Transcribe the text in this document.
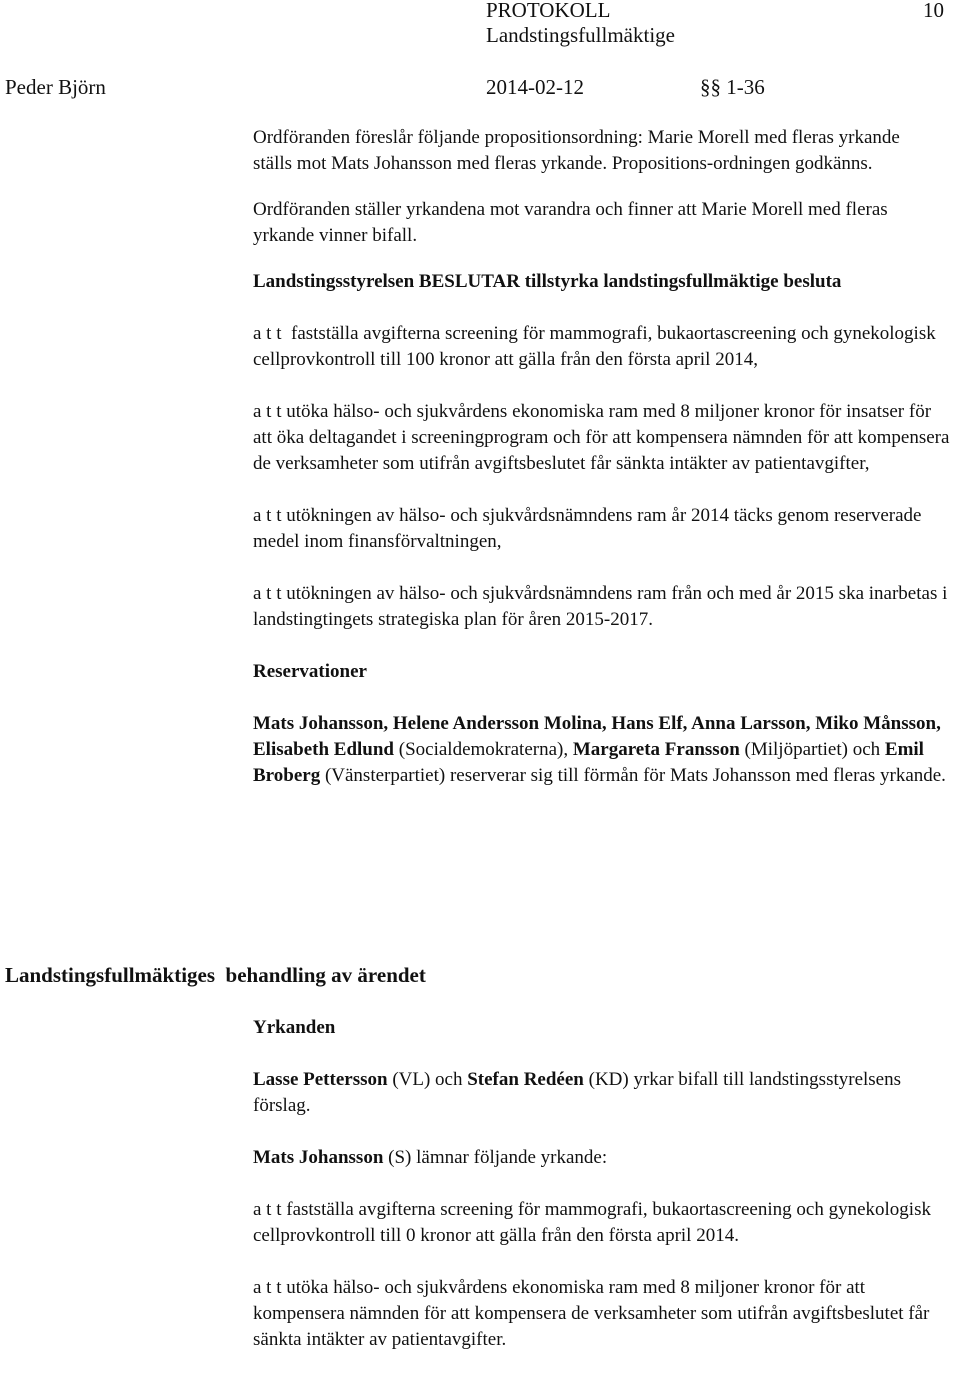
PROTOKOLL	10
Landstingsfullmäktige
Peder Björn	2014-02-12	§§ 1-36

Ordföranden föreslår följande propositionsordning: Marie Morell med fleras yrkande ställs mot Mats Johansson med fleras yrkande. Propositions-ordningen godkänns.

Ordföranden ställer yrkandena mot varandra och finner att Marie Morell med fleras yrkande vinner bifall.

Landstingsstyrelsen BESLUTAR tillstyrka landstingsfullmäktige besluta

a t t  fastställa avgifterna screening för mammografi, bukaortascreening och gynekologisk cellprovkontroll till 100 kronor att gälla från den första april 2014,

a t t utöka hälso- och sjukvårdens ekonomiska ram med 8 miljoner kronor för insatser för att öka deltagandet i screeningprogram och för att kompensera nämnden för att kompensera de verksamheter som utifrån avgiftsbeslutet får sänkta intäkter av patientavgifter,

a t t utökningen av hälso- och sjukvårdsnämndens ram år 2014 täcks genom reserverade medel inom finansförvaltningen,

a t t utökningen av hälso- och sjukvårdsnämndens ram från och med år 2015 ska inarbetas i landstingtingets strategiska plan för åren 2015-2017.

Reservationer

Mats Johansson, Helene Andersson Molina, Hans Elf, Anna Larsson, Miko Månsson, Elisabeth Edlund (Socialdemokraterna), Margareta Fransson (Miljöpartiet) och Emil Broberg (Vänsterpartiet) reserverar sig till förmån för Mats Johansson med fleras yrkande.

Landstingsfullmäktiges  behandling av ärendet

Yrkanden

Lasse Pettersson (VL) och Stefan Redéen (KD) yrkar bifall till landstingsstyrelsens förslag.

Mats Johansson (S) lämnar följande yrkande:

a t t fastställa avgifterna screening för mammografi, bukaortascreening och gynekologisk cellprovkontroll till 0 kronor att gälla från den första april 2014.

a t t utöka hälso- och sjukvårdens ekonomiska ram med 8 miljoner kronor för att kompensera nämnden för att kompensera de verksamheter som utifrån avgiftsbeslutet får sänkta intäkter av patientavgifter.
